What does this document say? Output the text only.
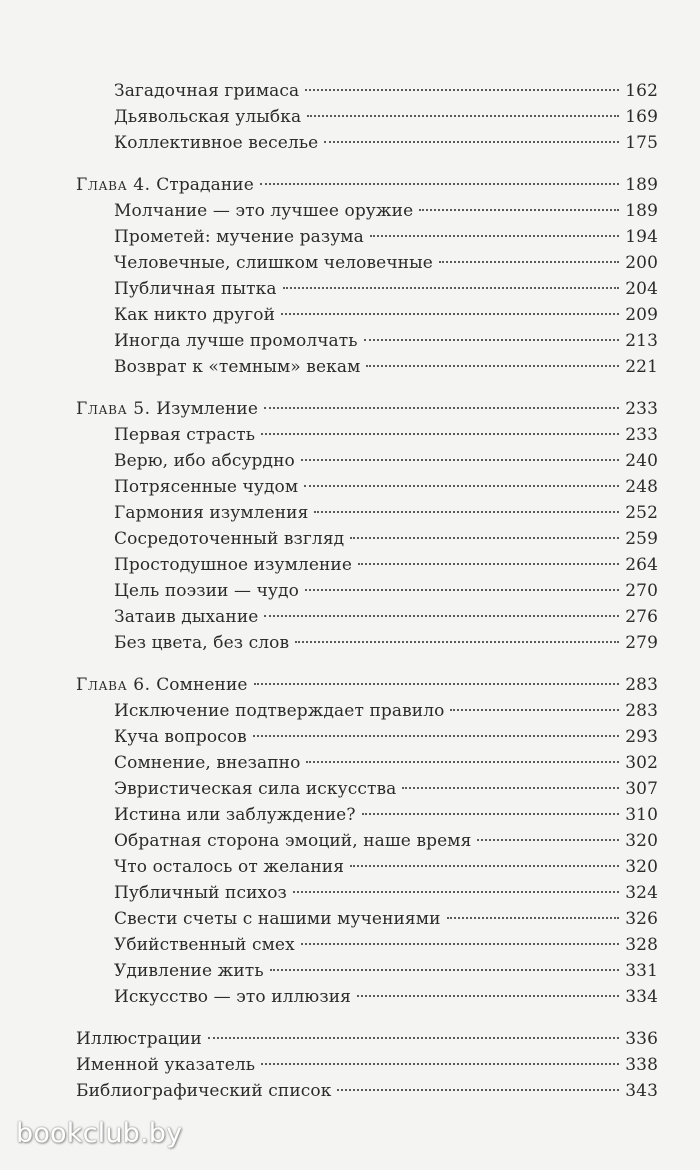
Загадочная гримаса	162
Дьявольская улыбка	169
Коллективное веселье	175
Глава 4. Страдание	189
Молчание — это лучшее оружие	189
Прометей: мучение разума	194
Человечные, слишком человечные	200
Публичная пытка	204
Как никто другой	209
Иногда лучше промолчать	213
Возврат к «темным» векам	221
Глава 5. Изумление	233
Первая страсть	233
Верю, ибо абсурдно	240
Потрясенные чудом	248
Гармония изумления	252
Сосредоточенный взгляд	259
Простодушное изумление	264
Цель поэзии — чудо	270
Затаив дыхание	276
Без цвета, без слов	279
Глава 6. Сомнение	283
Исключение подтверждает правило	283
Куча вопросов	293
Сомнение, внезапно	302
Эвристическая сила искусства	307
Истина или заблуждение?	310
Обратная сторона эмоций, наше время	320
Что осталось от желания	320
Публичный психоз	324
Свести счеты с нашими мучениями	326
Убийственный смех	328
Удивление жить	331
Искусство — это иллюзия	334
Иллюстрации	336
Именной указатель	338
Библиографический список	343
bookclub.by
